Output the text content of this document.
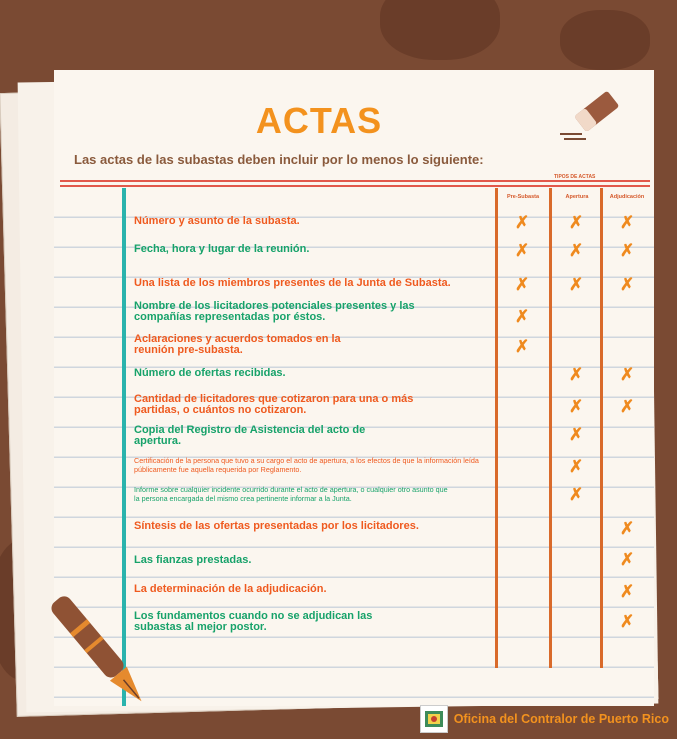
ACTAS
Las actas de las subastas deben incluir por lo menos lo siguiente:
TIPOS DE ACTAS
Pre-Subasta	Apertura	Adjudicación
Número y asunto de la subasta.
Fecha, hora y lugar de la reunión.
Una lista de los miembros presentes de la Junta de Subasta.
Nombre de los licitadores potenciales presentes y las compañías representadas por éstos.
Aclaraciones y acuerdos tomados en la reunión pre-subasta.
Número de ofertas recibidas.
Cantidad de licitadores que cotizaron para una o más partidas, o cuántos no cotizaron.
Copia del Registro de Asistencia del acto de apertura.
Certificación de la persona que tuvo a su cargo el acto de apertura, a los efectos de que la información leída públicamente fue aquella requerida por Reglamento.
Informe sobre cualquier incidente ocurrido durante el acto de apertura, o cualquier otro asunto que la persona encargada del mismo crea pertinente informar a la Junta.
Síntesis de las ofertas presentadas por los licitadores.
Las fianzas prestadas.
La determinación de la adjudicación.
Los fundamentos cuando no se adjudican las subastas al mejor postor.
✗ ✗ ✗
✗ ✗ ✗
✗ ✗ ✗
✗
✗
✗ ✗
✗ ✗
✗
✗
✗
✗
✗
✗
✗
Oficina del Contralor de Puerto Rico
